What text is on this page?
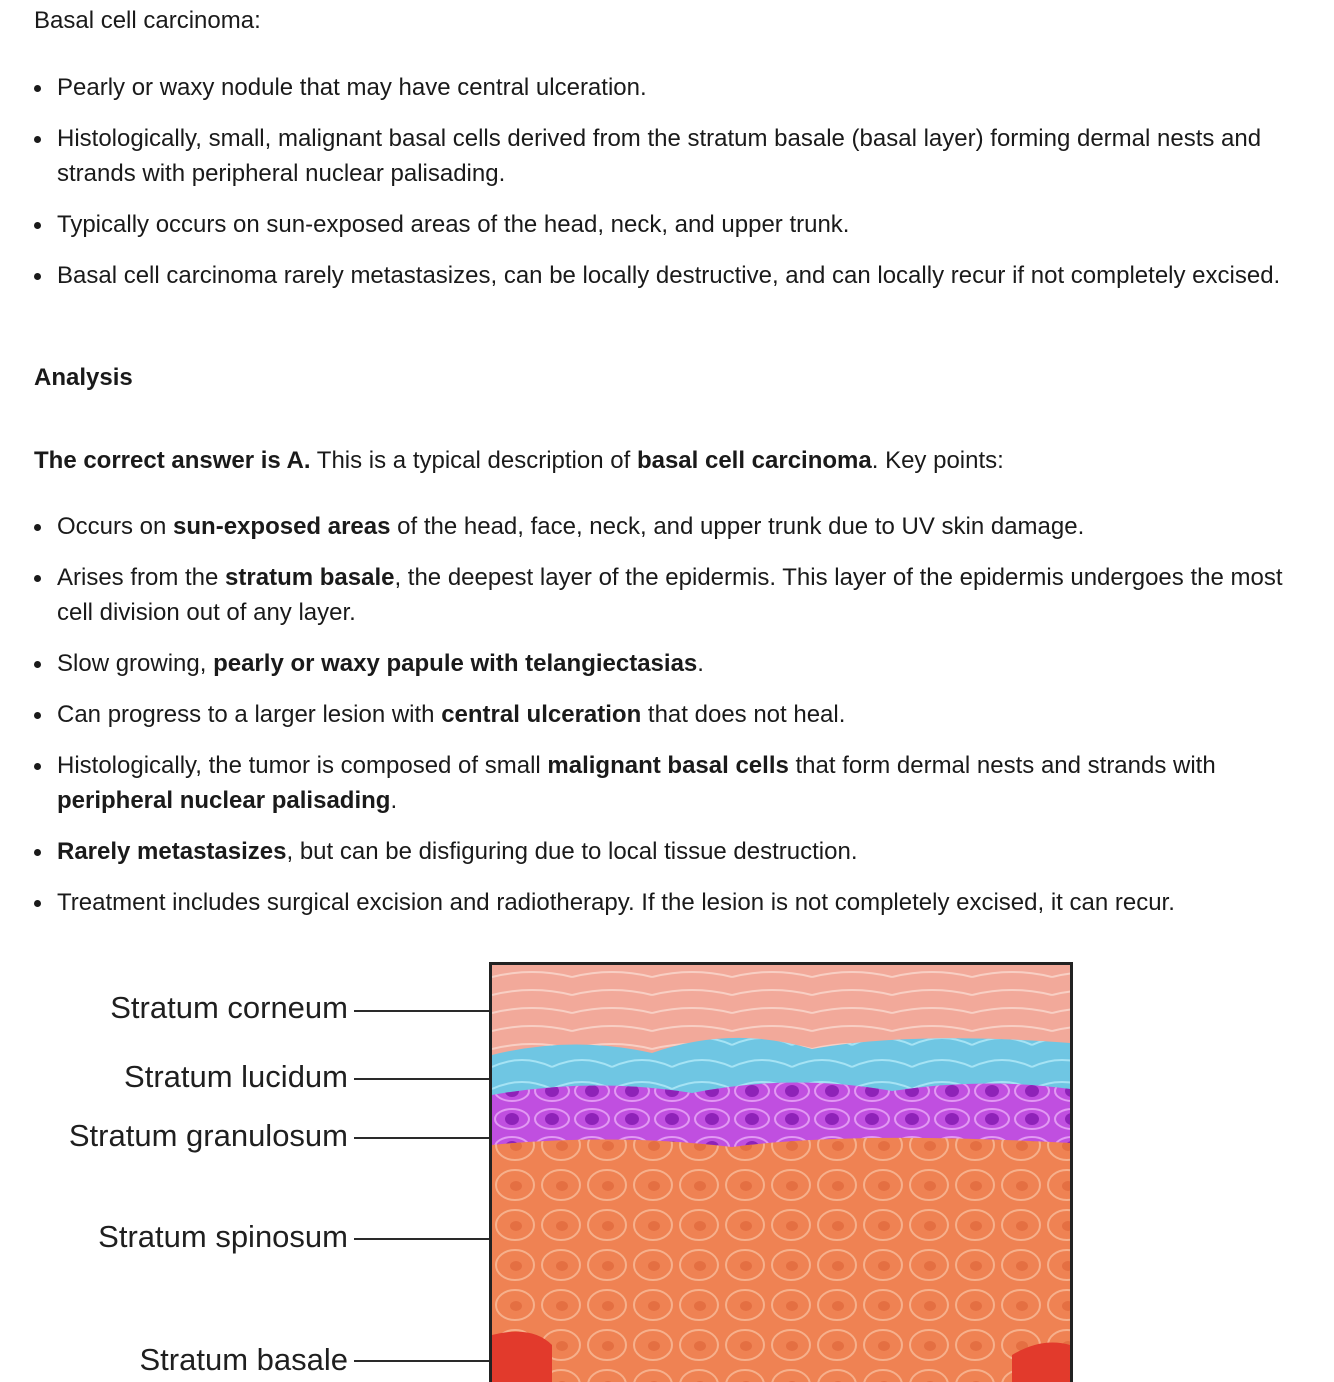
Basal cell carcinoma:

Pearly or waxy nodule that may have central ulceration.
Histologically, small, malignant basal cells derived from the stratum basale (basal layer) forming dermal nests and strands with peripheral nuclear palisading.
Typically occurs on sun-exposed areas of the head, neck, and upper trunk.
Basal cell carcinoma rarely metastasizes, can be locally destructive, and can locally recur if not completely excised.

Analysis

The correct answer is A. This is a typical description of basal cell carcinoma. Key points:

Occurs on sun-exposed areas of the head, face, neck, and upper trunk due to UV skin damage.
Arises from the stratum basale, the deepest layer of the epidermis. This layer of the epidermis undergoes the most cell division out of any layer.
Slow growing, pearly or waxy papule with telangiectasias.
Can progress to a larger lesion with central ulceration that does not heal.
Histologically, the tumor is composed of small malignant basal cells that form dermal nests and strands with peripheral nuclear palisading.
Rarely metastasizes, but can be disfiguring due to local tissue destruction.
Treatment includes surgical excision and radiotherapy. If the lesion is not completely excised, it can recur.
Stratum corneum
Stratum lucidum
Stratum granulosum
Stratum spinosum
Stratum basale
